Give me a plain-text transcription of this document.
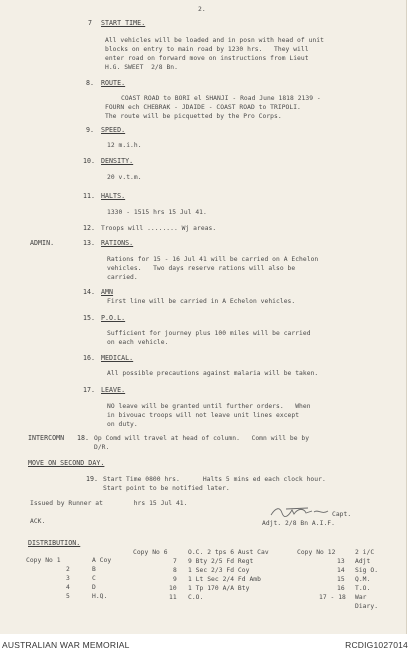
2.
7 START TIME.
All vehicles will be loaded and in posn with head of unit
blocks on entry to main road by 1230 hrs.   They will
enter road on forward move on instructions from Lieut
H.G. SWEET  2/8 Bn.
8. ROUTE.
COAST ROAD to BORI el SHANJI - Road June 1818 2139 -
FOURN ech CHEBRAK - JDAIDE - COAST ROAD to TRIPOLI.
The route will be picquetted by the Pro Corps.
9. SPEED.
12 m.i.h.
10. DENSITY.
20 v.t.m.
11. HALTS.
1330 - 1515 hrs 15 Jul 41.
12. Troops will ........ Wj areas.
ADMIN.	13. RATIONS.
Rations for 15 - 16 Jul 41 will be carried on A Echelon
vehicles.   Two days reserve rations will also be
carried.
14. AMN
First line will be carried in A Echelon vehicles.
15. P.O.L.
Sufficient for journey plus 100 miles will be carried
on each vehicle.
16. MEDICAL.
All possible precautions against malaria will be taken.
17. LEAVE.
NO leave will be granted until further orders.   When
in bivouac troops will not leave unit lines except
on duty.
INTERCOMN 18. Op Comd will travel at head of column.   Comn will be by
D/R.
MOVE ON SECOND DAY.
19. Start Time 0800 hrs.      Halts 5 mins ed each clock hour.
Start point to be notified later.
Issued by Runner at        hrs 15 Jul 41.
Capt.
Adjt. 2/8 Bn A.I.F.
ACK.
DISTRIBUTION.
Copy No 1	A Coy
2	B
3	C
4	D
5	H.Q.
Copy No 6	O.C. 2 tps 6 Aust Cav
7 9 Bty 2/5 Fd Regt
8 1 Sec 2/3 Fd Coy
9 1 Lt Sec 2/4 Fd Amb
10 1 Tp 170 A/A Bty
11 C.O.
Copy No 12	2 i/C
13 Adjt
14 Sig O.
15 Q.M.
16 T.O.
17 - 18 War
Diary.
AUSTRALIAN WAR MEMORIAL	RCDIG1027014
